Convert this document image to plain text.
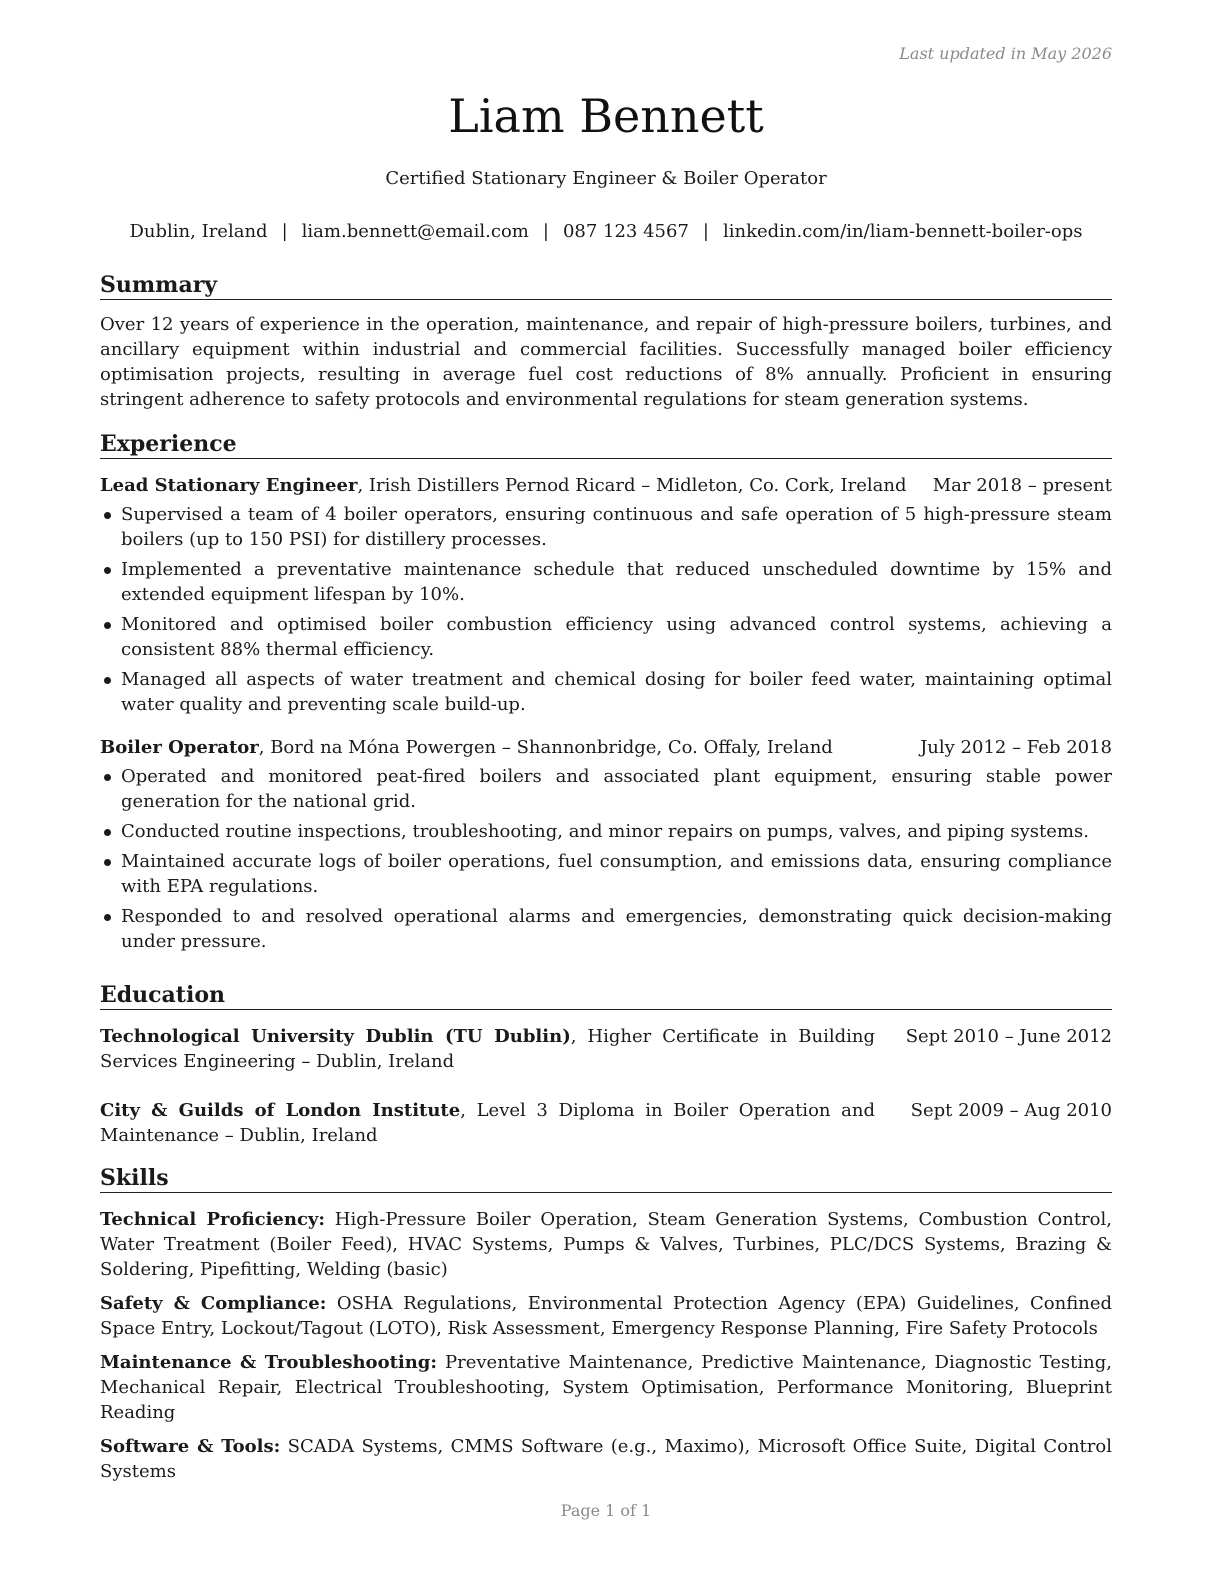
Last updated in May 2026
Liam Bennett
Certified Stationary Engineer & Boiler Operator
Dublin, Ireland | liam.bennett@email.com | 087 123 4567 | linkedin.com/in/liam-bennett-boiler-ops
Summary
Over 12 years of experience in the operation, maintenance, and repair of high-pressure boilers, turbines, and ancillary equipment within industrial and commercial facilities. Successfully managed boiler efficiency optimisation projects, resulting in average fuel cost reductions of 8% annually. Proficient in ensuring stringent adherence to safety protocols and environmental regulations for steam generation systems.
Experience
Lead Stationary Engineer, Irish Distillers Pernod Ricard – Midleton, Co. Cork, Ireland Mar 2018 – present
Supervised a team of 4 boiler operators, ensuring continuous and safe operation of 5 high-pressure steam boilers (up to 150 PSI) for distillery processes.
Implemented a preventative maintenance schedule that reduced unscheduled downtime by 15% and extended equipment lifespan by 10%.
Monitored and optimised boiler combustion efficiency using advanced control systems, achieving a consistent 88% thermal efficiency.
Managed all aspects of water treatment and chemical dosing for boiler feed water, maintaining optimal water quality and preventing scale build-up.
Boiler Operator, Bord na Móna Powergen – Shannonbridge, Co. Offaly, Ireland	July 2012 – Feb 2018
Operated and monitored peat-fired boilers and associated plant equipment, ensuring stable power generation for the national grid.
Conducted routine inspections, troubleshooting, and minor repairs on pumps, valves, and piping systems.
Maintained accurate logs of boiler operations, fuel consumption, and emissions data, ensuring compliance with EPA regulations.
Responded to and resolved operational alarms and emergencies, demonstrating quick decision-making under pressure.
Education
Technological University Dublin (TU Dublin), Higher Certificate in Building Services Engineering – Dublin, Ireland
Sept 2010 – June 2012
City & Guilds of London Institute, Level 3 Diploma in Boiler Operation and Maintenance – Dublin, Ireland
Sept 2009 – Aug 2010
Skills
Technical Proficiency: High-Pressure Boiler Operation, Steam Generation Systems, Combustion Control, Water Treatment (Boiler Feed), HVAC Systems, Pumps & Valves, Turbines, PLC/DCS Systems, Brazing & Soldering, Pipefitting, Welding (basic)
Safety & Compliance: OSHA Regulations, Environmental Protection Agency (EPA) Guidelines, Confined Space Entry, Lockout/Tagout (LOTO), Risk Assessment, Emergency Response Planning, Fire Safety Protocols
Maintenance & Troubleshooting: Preventative Maintenance, Predictive Maintenance, Diagnostic Testing, Mechanical Repair, Electrical Troubleshooting, System Optimisation, Performance Monitoring, Blueprint Reading
Software & Tools: SCADA Systems, CMMS Software (e.g., Maximo), Microsoft Office Suite, Digital Control Systems
Page 1 of 1
